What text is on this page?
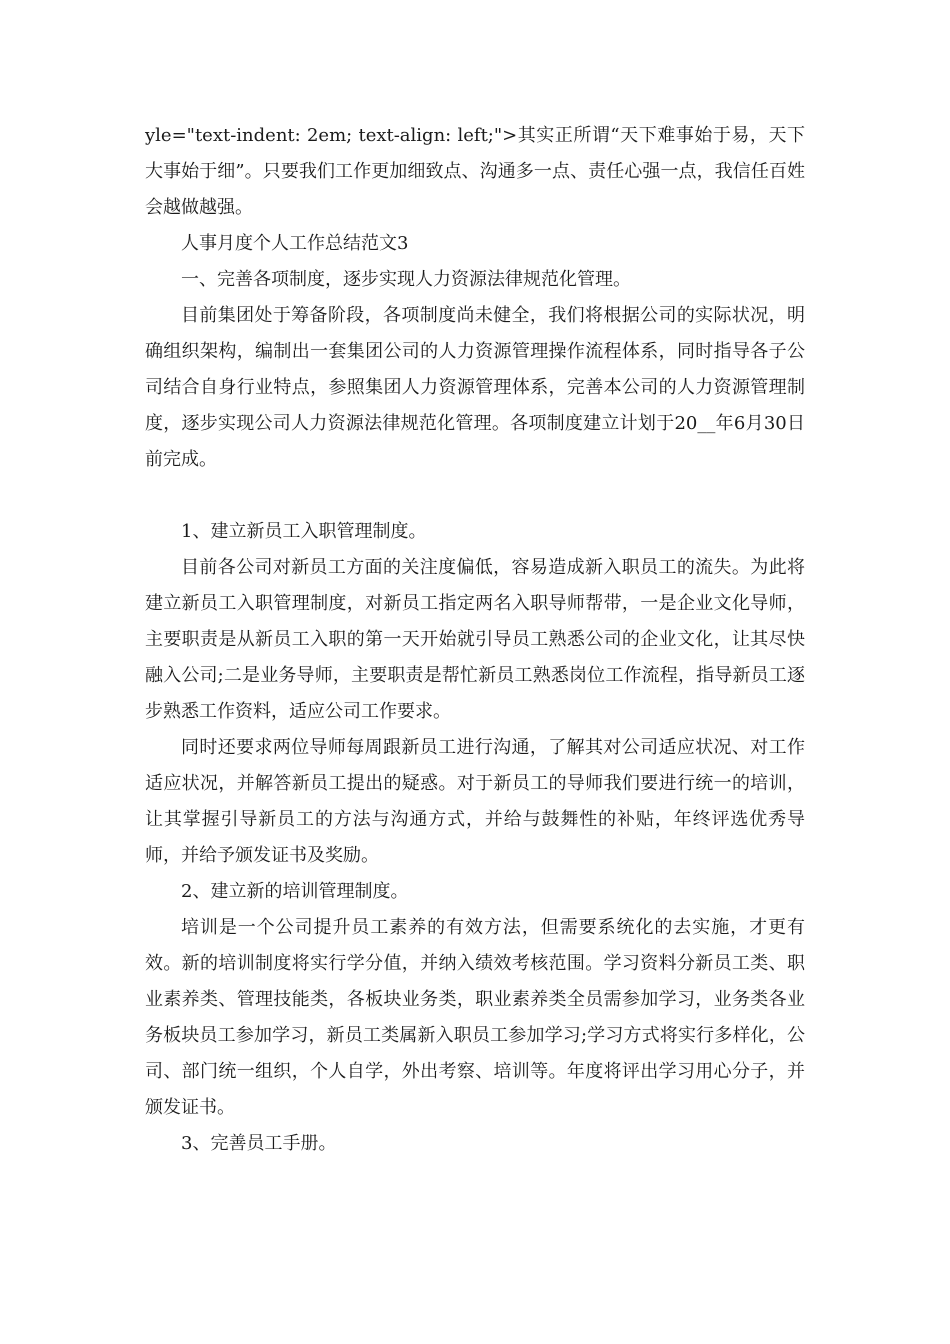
yle="text-indent: 2em; text-align: left;">其实正所谓“天下难事始于易，天下大事始于细”。只要我们工作更加细致点、沟通多一点、责任心强一点，我信任百姓会越做越强。

人事月度个人工作总结范文3

一、完善各项制度，逐步实现人力资源法律规范化管理。

目前集团处于筹备阶段，各项制度尚未健全，我们将根据公司的实际状况，明确组织架构，编制出一套集团公司的人力资源管理操作流程体系，同时指导各子公司结合自身行业特点，参照集团人力资源管理体系，完善本公司的人力资源管理制度，逐步实现公司人力资源法律规范化管理。各项制度建立计划于20__年6月30日前完成。

1、建立新员工入职管理制度。

目前各公司对新员工方面的关注度偏低，容易造成新入职员工的流失。为此将建立新员工入职管理制度，对新员工指定两名入职导师帮带，一是企业文化导师，主要职责是从新员工入职的第一天开始就引导员工熟悉公司的企业文化，让其尽快融入公司;二是业务导师，主要职责是帮忙新员工熟悉岗位工作流程，指导新员工逐步熟悉工作资料，适应公司工作要求。

同时还要求两位导师每周跟新员工进行沟通，了解其对公司适应状况、对工作适应状况，并解答新员工提出的疑惑。对于新员工的导师我们要进行统一的培训，让其掌握引导新员工的方法与沟通方式，并给与鼓舞性的补贴，年终评选优秀导师，并给予颁发证书及奖励。

2、建立新的培训管理制度。

培训是一个公司提升员工素养的有效方法，但需要系统化的去实施，才更有效。新的培训制度将实行学分值，并纳入绩效考核范围。学习资料分新员工类、职业素养类、管理技能类，各板块业务类，职业素养类全员需参加学习，业务类各业务板块员工参加学习，新员工类属新入职员工参加学习;学习方式将实行多样化，公司、部门统一组织，个人自学，外出考察、培训等。年度将评出学习用心分子，并颁发证书。

3、完善员工手册。
